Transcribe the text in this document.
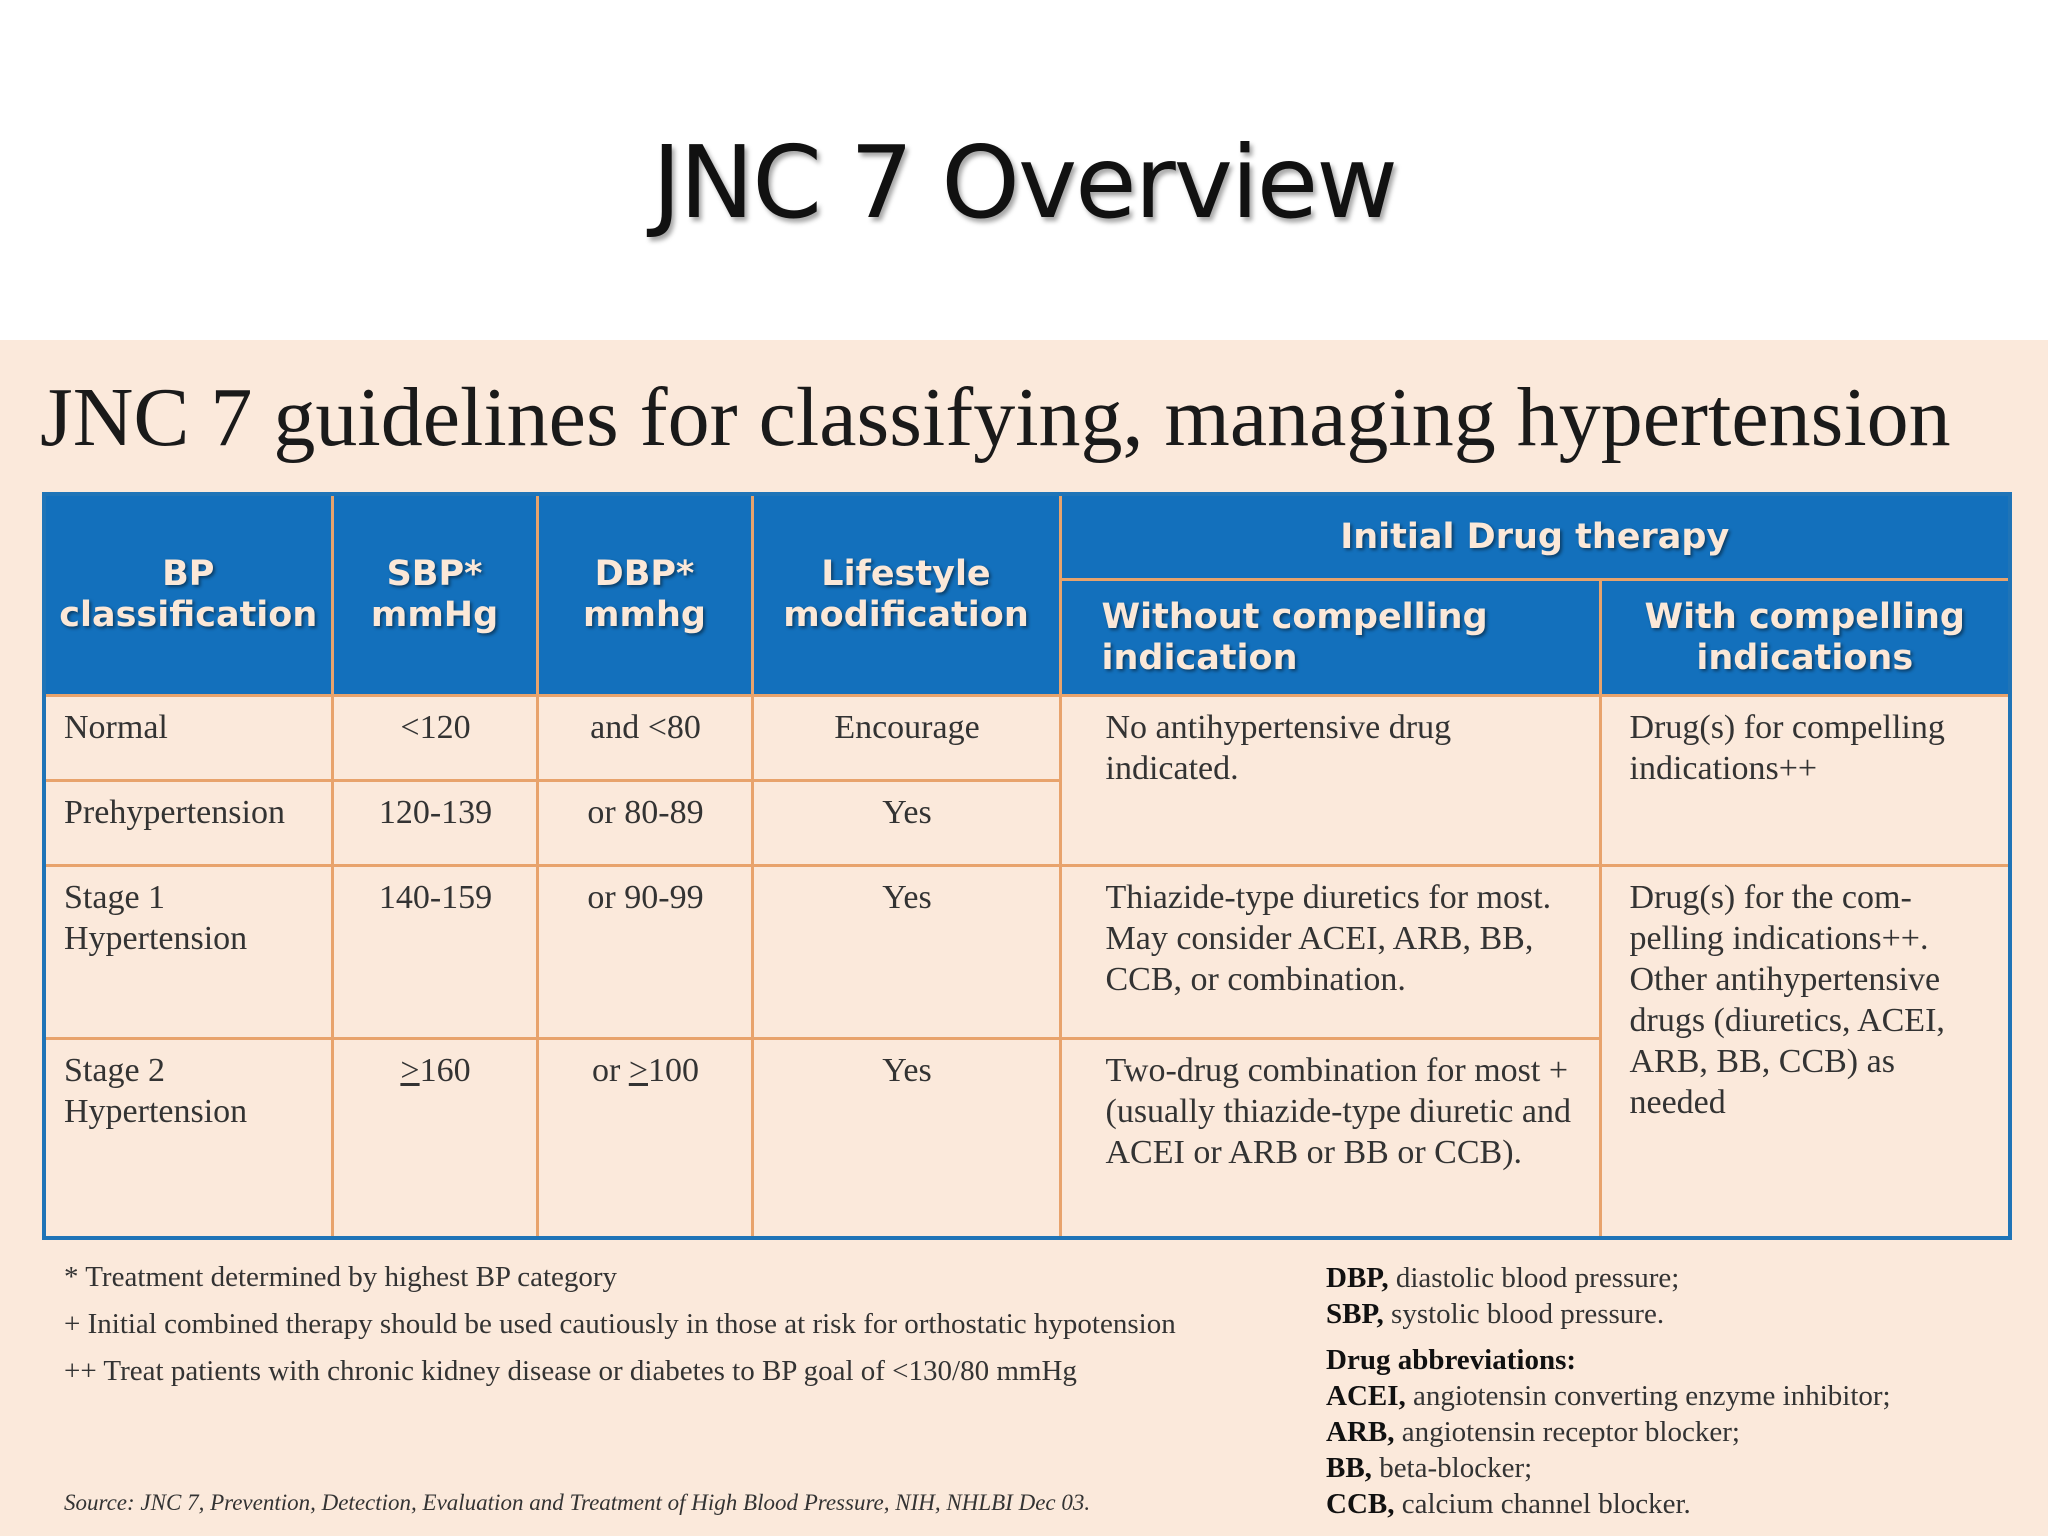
JNC 7 Overview
JNC 7 guidelines for classifying, managing hypertension
BP classification	SBP* mmHg	DBP* mmhg	Lifestyle modification	Initial Drug therapy	
				Without compelling indication	With compelling indications
Normal	<120	and <80	Encourage	No antihypertensive drug indicated.	Drug(s) for compelling indications++
Prehypertension	120-139	or 80-89	Yes		
Stage 1 Hypertension	140-159	or 90-99	Yes	Thiazide-type diuretics for most. May consider ACEI, ARB, BB, CCB, or combination.	Drug(s) for the com-pelling indications++. Other antihypertensive drugs (diuretics, ACEI, ARB, BB, CCB) as needed
Stage 2 Hypertension	≥160	or ≥100	Yes	Two-drug combination for most + (usually thiazide-type diuretic and ACEI or ARB or BB or CCB).	

* Treatment determined by highest BP category

+ Initial combined therapy should be used cautiously in those at risk for orthostatic hypotension

++ Treat patients with chronic kidney disease or diabetes to BP goal of <130/80 mmHg

Source: JNC 7, Prevention, Detection, Evaluation and Treatment of High Blood Pressure, NIH, NHLBI Dec 03.

DBP, diastolic blood pressure;

SBP, systolic blood pressure.

Drug abbreviations:

ACEI, angiotensin converting enzyme inhibitor;

ARB, angiotensin receptor blocker;

BB, beta-blocker;

CCB, calcium channel blocker.
